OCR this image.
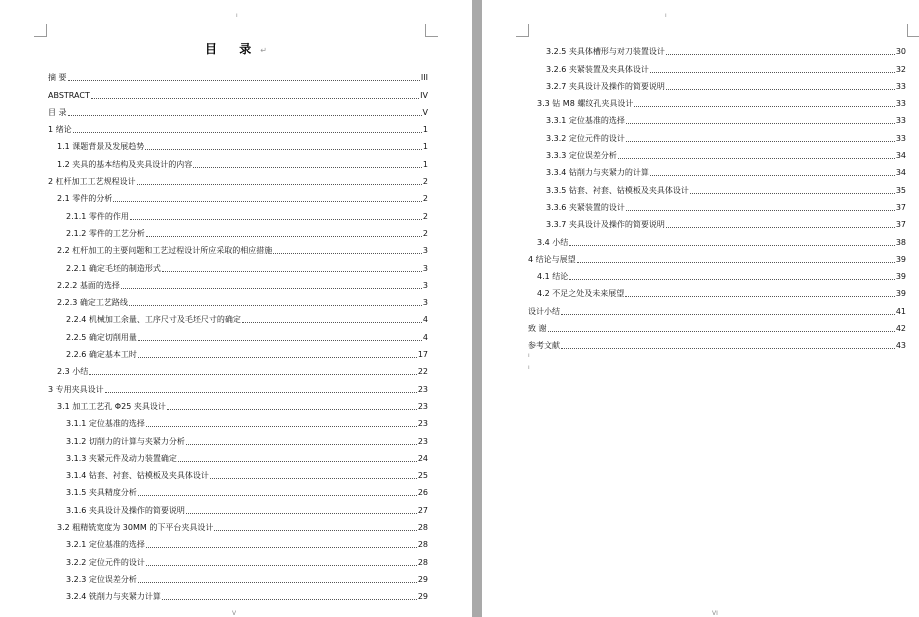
ı
目 录↵
摘 要	III
ABSTRACT	IV
目 录	V
1 绪论	1
1.1 课题背景及发展趋势	1
1.2 夹具的基本结构及夹具设计的内容	1
2 杠杆加工工艺规程设计	2
2.1 零件的分析	2
2.1.1 零件的作用	2
2.1.2 零件的工艺分析	2
2.2 杠杆加工的主要问题和工艺过程设计所应采取的相应措施	3
2.2.1 确定毛坯的制造形式	3
2.2.2 基面的选择	3
2.2.3 确定工艺路线	3
2.2.4 机械加工余量、工序尺寸及毛坯尺寸的确定	4
2.2.5 确定切削用量	4
2.2.6 确定基本工时	17
2.3 小结	22
3 专用夹具设计	23
3.1 加工工艺孔 Φ25 夹具设计	23
3.1.1 定位基准的选择	23
3.1.2 切削力的计算与夹紧力分析	23
3.1.3 夹紧元件及动力装置确定	24
3.1.4 钻套、衬套、钻模板及夹具体设计	25
3.1.5 夹具精度分析	26
3.1.6 夹具设计及操作的简要说明	27
3.2 粗精铣宽度为 30MM 的下平台夹具设计	28
3.2.1 定位基准的选择	28
3.2.2 定位元件的设计	28
3.2.3 定位误差分析	29
3.2.4 铣削力与夹紧力计算	29
V
ı
VI
3.2.5 夹具体槽形与对刀装置设计	30
3.2.6 夹紧装置及夹具体设计	32
3.2.7 夹具设计及操作的简要说明	33
3.3 钻 M8 螺纹孔夹具设计	33
3.3.1 定位基准的选择	33
3.3.2 定位元件的设计	33
3.3.3 定位误差分析	34
3.3.4 钻削力与夹紧力的计算	34
3.3.5 钻套、衬套、钻模板及夹具体设计	35
3.3.6 夹紧装置的设计	37
3.3.7 夹具设计及操作的简要说明	37
3.4 小结	38
4 结论与展望	39
4.1 结论	39
4.2 不足之处及未来展望	39
设计小结	41
致 谢	42
参考文献	43
ı
ı
